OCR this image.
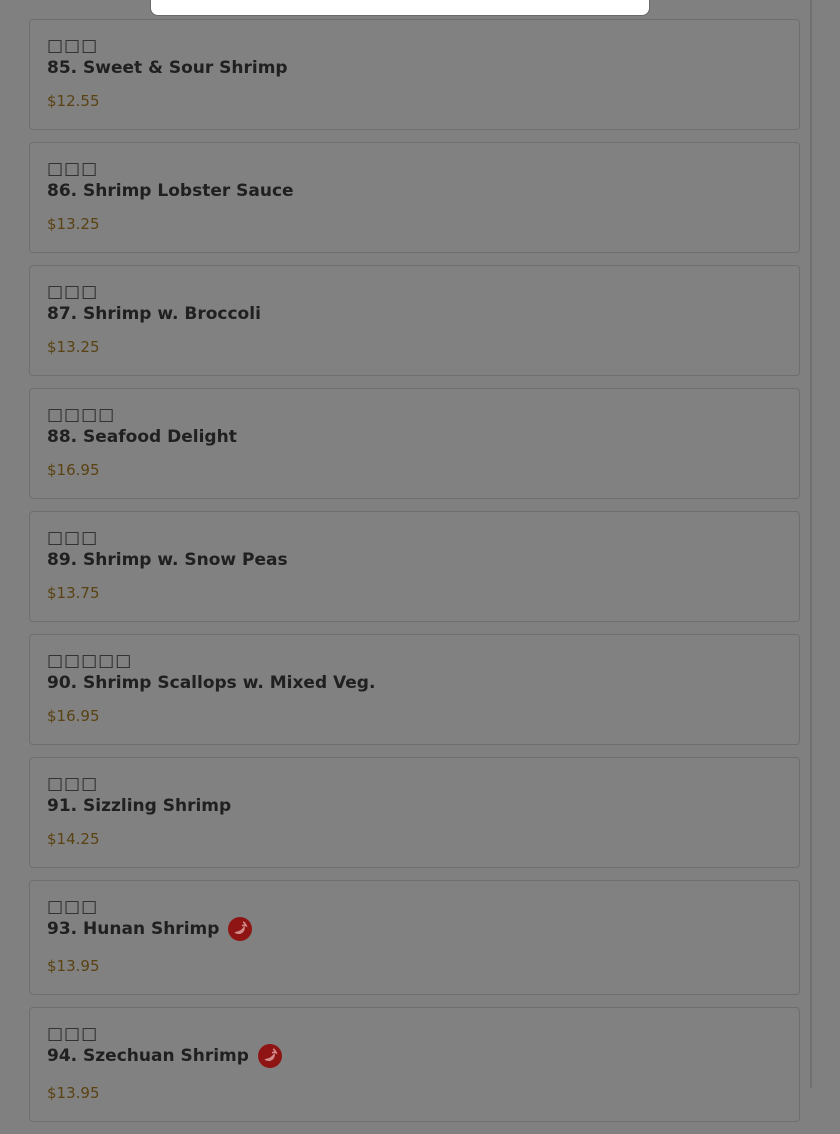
□□□
85. Sweet & Sour Shrimp
$12.55
□□□
86. Shrimp Lobster Sauce
$13.25
□□□
87. Shrimp w. Broccoli
$13.25
□□□□
88. Seafood Delight
$16.95
□□□
89. Shrimp w. Snow Peas
$13.75
□□□□□
90. Shrimp Scallops w. Mixed Veg.
$16.95
□□□
91. Sizzling Shrimp
$14.25
□□□
93. Hunan Shrimp
$13.95
□□□
94. Szechuan Shrimp
$13.95
